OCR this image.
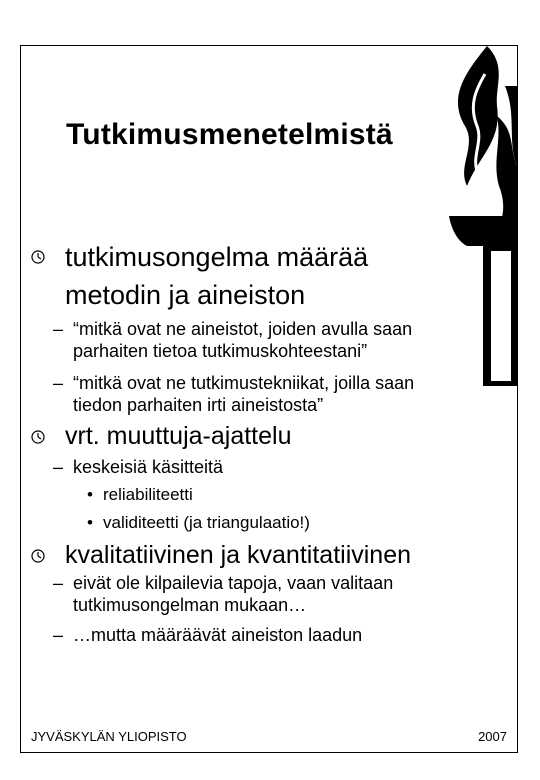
Tutkimusmenetelmistä
tutkimusongelma määrää
metodin ja aineiston
– “mitkä ovat ne aineistot, joiden avulla saan
parhaiten tietoa tutkimuskohteestani”
– “mitkä ovat ne tutkimustekniikat, joilla saan
tiedon parhaiten irti aineistosta”
vrt. muuttuja-ajattelu
– keskeisiä käsitteitä
• reliabiliteetti
• validiteetti (ja triangulaatio!)
kvalitatiivinen ja kvantitatiivinen
– eivät ole kilpailevia tapoja, vaan valitaan
tutkimusongelman mukaan…
– …mutta määräävät aineiston laadun
JYVÄSKYLÄN YLIOPISTO	2007
